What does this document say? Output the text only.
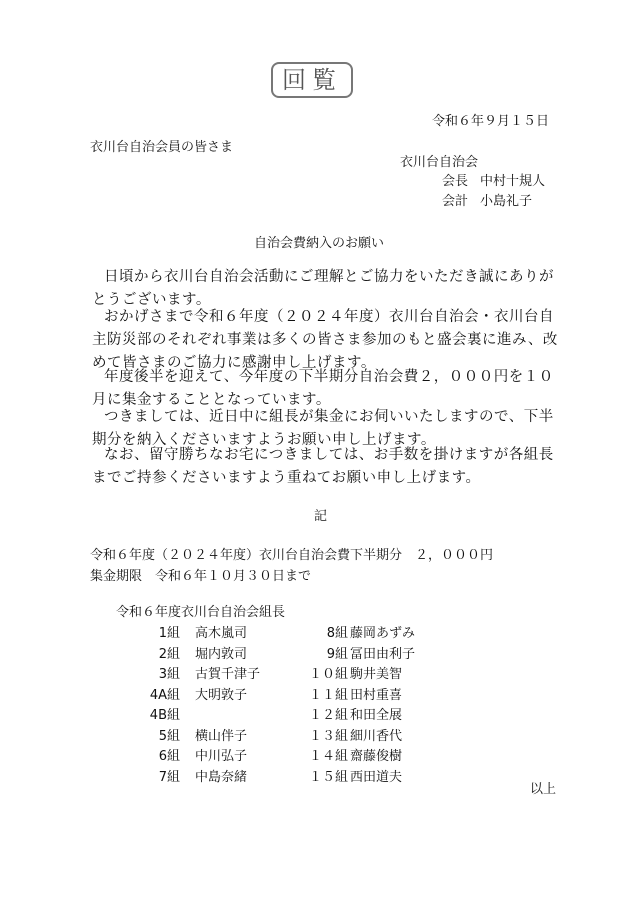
回覧
令和６年９月１５日
衣川台自治会員の皆さま
衣川台自治会
会長 中村十規人
会計 小島礼子
自治会費納入のお願い
日頃から衣川台自治会活動にご理解とご協力をいただき誠にありがとうございます。
おかげさまで令和６年度（２０２４年度）衣川台自治会・衣川台自主防災部のそれぞれ事業は多くの皆さま参加のもと盛会裏に進み、改めて皆さまのご協力に感謝申し上げます。
年度後半を迎えて、今年度の下半期分自治会費２，０００円を１０月に集金することとなっています。
つきましては、近日中に組長が集金にお伺いいたしますので、下半期分を納入くださいますようお願い申し上げます。
なお、留守勝ちなお宅につきましては、お手数を掛けますが各組長までご持参くださいますよう重ねてお願い申し上げます。
記
令和６年度（２０２４年度）衣川台自治会費下半期分　２，０００円
集金期限　令和６年１０月３０日まで
令和６年度衣川台自治会組長
1組 高木嵐司
2組 堀内敦司
3組 古賀千津子
4A組 大明敦子
4B組
5組 横山伴子
6組 中川弘子
7組 中島奈緒
8組 藤岡あずみ
9組 冨田由利子
１０組 駒井美智
１１組 田村重喜
１２組 和田全展
１３組 細川香代
１４組 齋藤俊樹
１５組 西田道夫
以上
